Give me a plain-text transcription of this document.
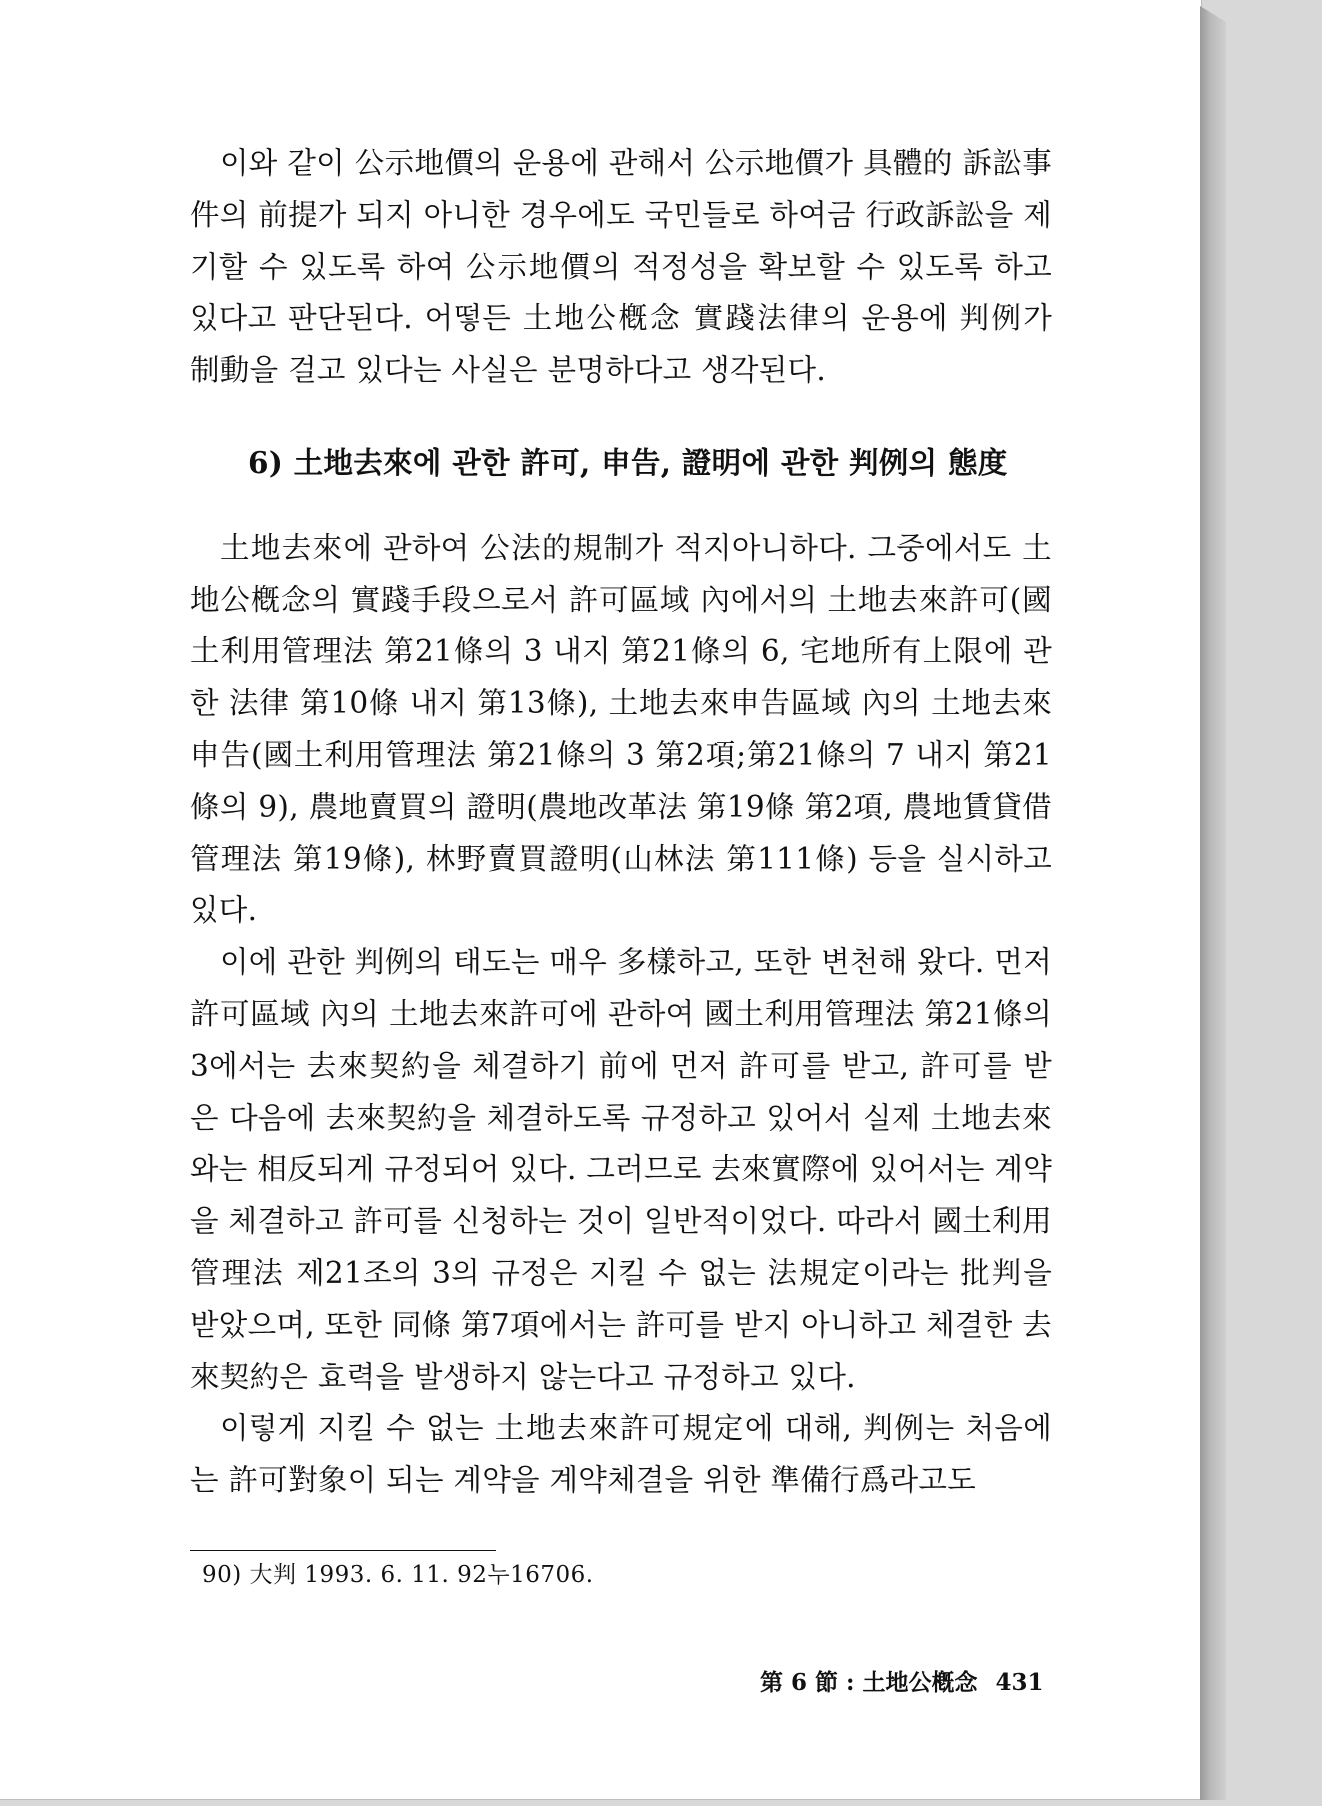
이와 같이 公示地價의 운용에 관해서 公示地價가 具體的 訴訟事件의 前提가 되지 아니한 경우에도 국민들로 하여금 行政訴訟을 제기할 수 있도록 하여 公示地價의 적정성을 확보할 수 있도록 하고 있다고 판단된다. 어떻든 土地公槪念 實踐法律의 운용에 判例가 制動을 걸고 있다는 사실은 분명하다고 생각된다.

6) 土地去來에 관한 許可, 申告, 證明에 관한 判例의 態度

土地去來에 관하여 公法的規制가 적지아니하다. 그중에서도 土地公槪念의 實踐手段으로서 許可區域 內에서의 土地去來許可(國土利用管理法 第21條의 3 내지 第21條의 6, 宅地所有上限에 관한 法律 第10條 내지 第13條), 土地去來申告區域 內의 土地去來申告(國土利用管理法 第21條의 3 第2項;第21條의 7 내지 第21條의 9), 農地賣買의 證明(農地改革法 第19條 第2項, 農地賃貸借管理法 第19條), 林野賣買證明(山林法 第111條) 등을 실시하고 있다.

이에 관한 判例의 태도는 매우 多樣하고, 또한 변천해 왔다. 먼저 許可區域 內의 土地去來許可에 관하여 國土利用管理法 第21條의 3에서는 去來契約을 체결하기 前에 먼저 許可를 받고, 許可를 받은 다음에 去來契約을 체결하도록 규정하고 있어서 실제 土地去來와는 相反되게 규정되어 있다. 그러므로 去來實際에 있어서는 계약을 체결하고 許可를 신청하는 것이 일반적이었다. 따라서 國土利用管理法 제21조의 3의 규정은 지킬 수 없는 法規定이라는 批判을 받았으며, 또한 同條 第7項에서는 許可를 받지 아니하고 체결한 去來契約은 효력을 발생하지 않는다고 규정하고 있다.

이렇게 지킬 수 없는 土地去來許可規定에 대해, 判例는 처음에는 許可對象이 되는 계약을 계약체결을 위한 準備行爲라고도

90) 大判 1993. 6. 11. 92누16706.
第 6 節 : 土地公槪念 431
